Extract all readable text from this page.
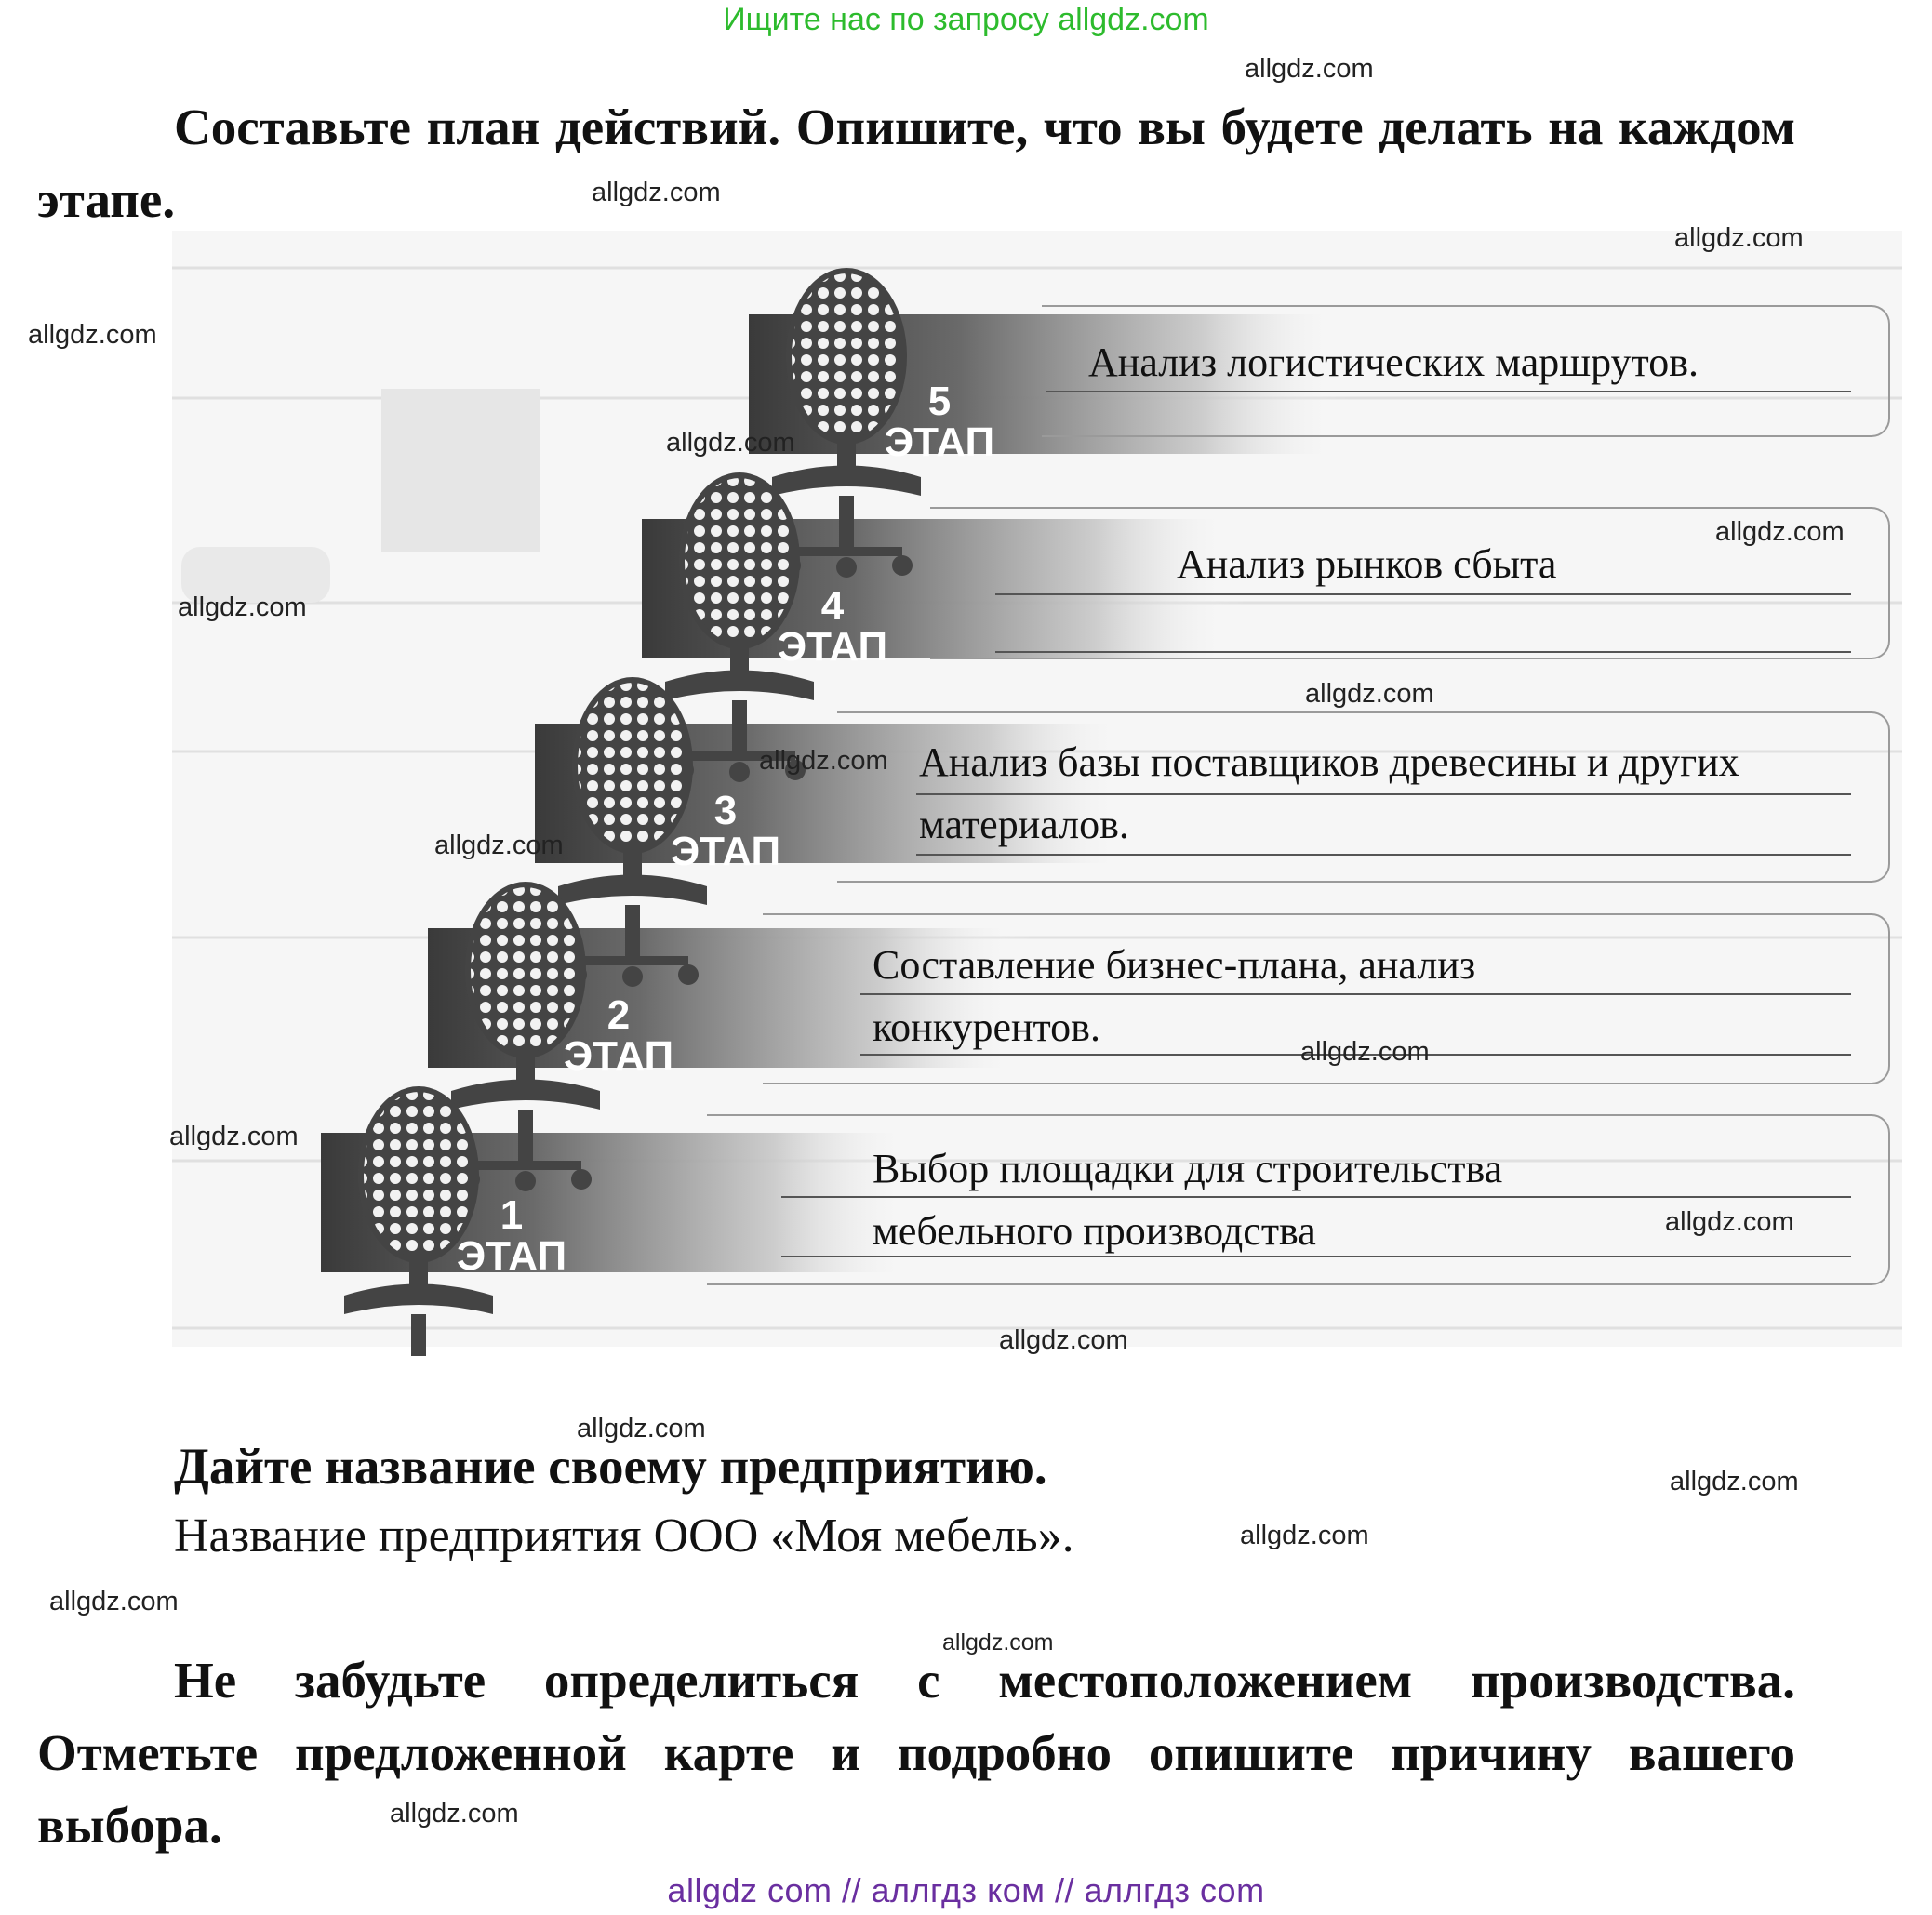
Ищите нас по запросу allgdz.com
Составьте план действий. Опишите, что вы будете делать на каждом этапе.
5
ЭТАП
4
ЭТАП
3
ЭТАП
2
ЭТАП
1
ЭТАП
Анализ логистических маршрутов.
Анализ рынков сбыта
Анализ базы поставщиков древесины и других
материалов.
Составление бизнес-плана, анализ
конкурентов.
Выбор площадки для строительства
мебельного производства
Дайте название своему предприятию.
Название предприятия ООО «Моя мебель».
Не забудьте определиться с местоположением производства. Отметьте предложенной карте и подробно опишите причину вашего выбора.
allgdz.com
allgdz.com
allgdz.com
allgdz.com
allgdz.com
allgdz.com
allgdz.com
allgdz.com
allgdz.com
allgdz.com
allgdz.com
allgdz.com
allgdz.com
allgdz.com
allgdz.com
allgdz.com
allgdz.com
allgdz.com
allgdz.com
allgdz.com
allgdz com // аллгдз ком // аллгдз com
